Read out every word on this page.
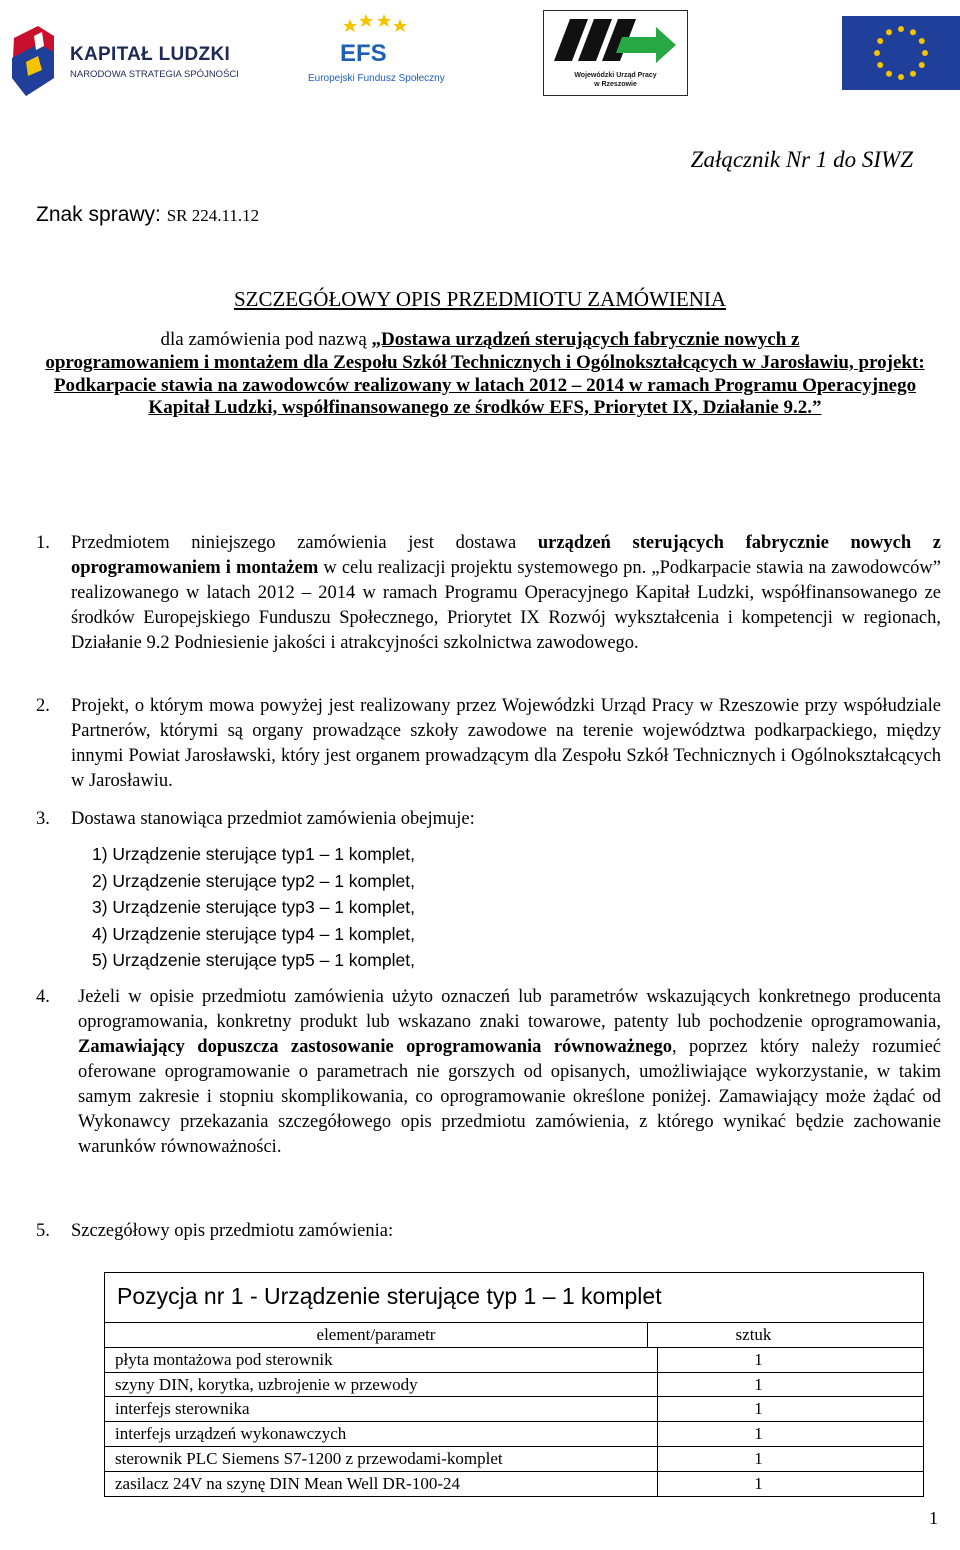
KAPITAŁ LUDZKI
NARODOWA STRATEGIA SPÓJNOŚCI
EFS
Europejski Fundusz Społeczny	Wojewódzki Urząd Pracy
w Rzeszowie
Załącznik Nr 1 do SIWZ
Znak sprawy: SR 224.11.12
SZCZEGÓŁOWY OPIS PRZEDMIOTU ZAMÓWIENIA
dla zamówienia pod nazwą „Dostawa urządzeń sterujących fabrycznie nowych z
oprogramowaniem i montażem dla Zespołu Szkół Technicznych i Ogólnokształcących w Jarosławiu, projekt: Podkarpacie stawia na zawodowców realizowany w latach 2012 – 2014 w ramach Programu Operacyjnego Kapitał Ludzki, współfinansowanego ze środków EFS, Priorytet IX, Działanie 9.2.”
1. Przedmiotem niniejszego zamówienia jest dostawa urządzeń sterujących fabrycznie nowych z oprogramowaniem i montażem w celu realizacji projektu systemowego pn. „Podkarpacie stawia na zawodowców” realizowanego w latach 2012 – 2014 w ramach Programu Operacyjnego Kapitał Ludzki, współfinansowanego ze środków Europejskiego Funduszu Społecznego, Priorytet IX Rozwój wykształcenia i kompetencji w regionach, Działanie 9.2 Podniesienie jakości i atrakcyjności szkolnictwa zawodowego.
2. Projekt, o którym mowa powyżej jest realizowany przez Wojewódzki Urząd Pracy w Rzeszowie przy współudziale Partnerów, którymi są organy prowadzące szkoły zawodowe na terenie województwa podkarpackiego, między innymi Powiat Jarosławski, który jest organem prowadzącym dla Zespołu Szkół Technicznych i Ogólnokształcących w Jarosławiu.
3. Dostawa stanowiąca przedmiot zamówienia obejmuje:
1) Urządzenie sterujące typ1 – 1 komplet,
2) Urządzenie sterujące typ2 – 1 komplet,
3) Urządzenie sterujące typ3 – 1 komplet,
4) Urządzenie sterujące typ4 – 1 komplet,
5) Urządzenie sterujące typ5 – 1 komplet,
4. Jeżeli w opisie przedmiotu zamówienia użyto oznaczeń lub parametrów wskazujących konkretnego producenta oprogramowania, konkretny produkt lub wskazano znaki towarowe, patenty lub pochodzenie oprogramowania, Zamawiający dopuszcza zastosowanie oprogramowania równoważnego, poprzez który należy rozumieć oferowane oprogramowanie o parametrach nie gorszych od opisanych, umożliwiające wykorzystanie, w takim samym zakresie i stopniu skomplikowania, co oprogramowanie określone poniżej. Zamawiający może żądać od Wykonawcy przekazania szczegółowego opis przedmiotu zamówienia, z którego wynikać będzie zachowanie warunków równoważności.
5. Szczegółowy opis przedmiotu zamówienia:
Pozycja nr 1 - Urządzenie sterujące typ 1 – 1 komplet
element/parametr	sztuk
płyta montażowa pod sterownik	1
szyny DIN, korytka, uzbrojenie w przewody	1
interfejs sterownika	1
interfejs urządzeń wykonawczych	1
sterownik PLC Siemens S7-1200 z przewodami-komplet	1
zasilacz 24V na szynę DIN Mean Well DR-100-24	1
1
